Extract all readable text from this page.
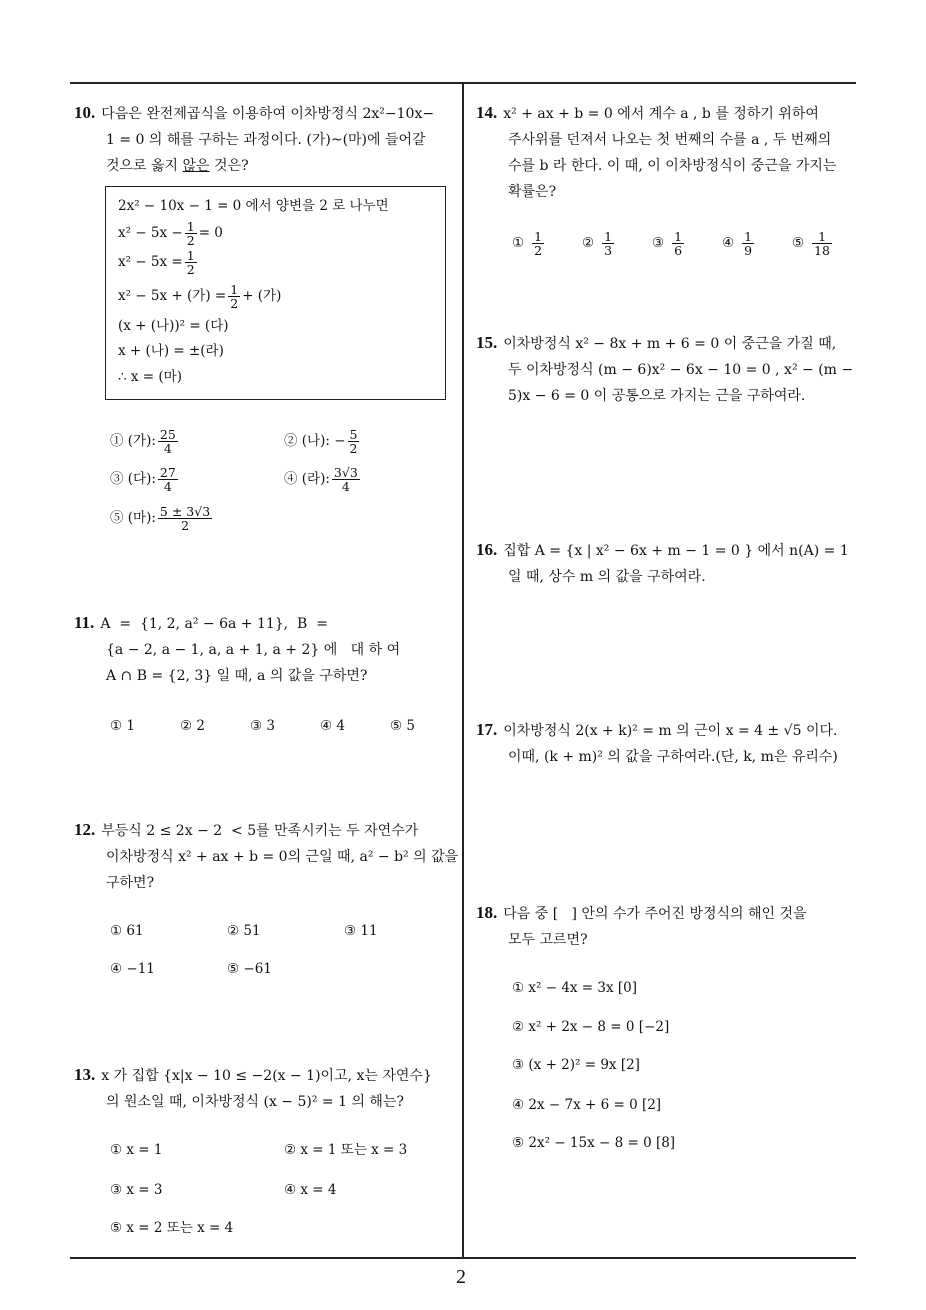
10. 다음은 완전제곱식을 이용하여 이차방정식 2x²−10x−
1 = 0 의 해를 구하는 과정이다. (가)~(마)에 들어갈
것으로 옳지 않은 것은?
2x² − 10x − 1 = 0 에서 양변을 2 로 나누면
$x^2 - 5x - \frac{1}{2} = 0$
$x^2 - 5x = \frac{1}{2}$
x² − 5x + (가) = $\frac{1}{2}$ + (가)
(x + (나))² = (다)
x + (나) = ±(라)
∴ x = (마)
① (가): $\frac{25}{4}$	② (나): − $\frac{5}{2}$
③ (다): $\frac{27}{4}$	④ (라): $\frac{3√3}{4}$
⑤ (마): $\frac{5 \pm 3√3}{2}$
11. A  =  {1, 2, a² − 6a + 11},  B  =
{a − 2, a − 1, a, a + 1, a + 2} 에   대 하 여
A ∩ B = {2, 3} 일 때, a 의 값을 구하면?
① 1	② 2	③ 3	④ 4	⑤ 5
12. 부등식 2 ≤ 2x − 2  < 5를 만족시키는 두 자연수가
이차방정식 x² + ax + b = 0의 근일 때, a² − b² 의 값을
구하면?
① 61	② 51	③ 11
④ −11	⑤ −61
13. x 가 집합 {x|x − 10 ≤ −2(x − 1)이고, x는 자연수}
의 원소일 때, 이차방정식 (x − 5)² = 1 의 해는?
① x = 1	② x = 1 또는 x = 3
③ x = 3	④ x = 4
⑤ x = 2 또는 x = 4
14. x² + ax + b = 0 에서 계수 a , b 를 정하기 위하여
주사위를 던져서 나오는 첫 번째의 수를 a , 두 번째의
수를 b 라 한다. 이 때, 이 이차방정식이 중근을 가지는
확률은?
① $\frac{1}{2}$	② $\frac{1}{3}$	③ $\frac{1}{6}$	④ $\frac{1}{9}$	⑤ $\frac{1}{18}$
15. 이차방정식 x² − 8x + m + 6 = 0 이 중근을 가질 때,
두 이차방정식 (m − 6)x² − 6x − 10 = 0 , x² − (m −
5)x − 6 = 0 이 공통으로 가지는 근을 구하여라.
16. 집합 A = {x | x² − 6x + m − 1 = 0 } 에서 n(A) = 1
일 때, 상수 m 의 값을 구하여라.
17. 이차방정식 2(x + k)² = m 의 근이 x = 4 ± √5 이다.
이때, (k + m)² 의 값을 구하여라.(단, k, m은 유리수)
18. 다음 중 [   ] 안의 수가 주어진 방정식의 해인 것을
모두 고르면?
① x² − 4x = 3x [0]
② x² + 2x − 8 = 0 [−2]
③ (x + 2)² = 9x [2]
④ 2x − 7x + 6 = 0 [2]
⑤ 2x² − 15x − 8 = 0 [8]
2
